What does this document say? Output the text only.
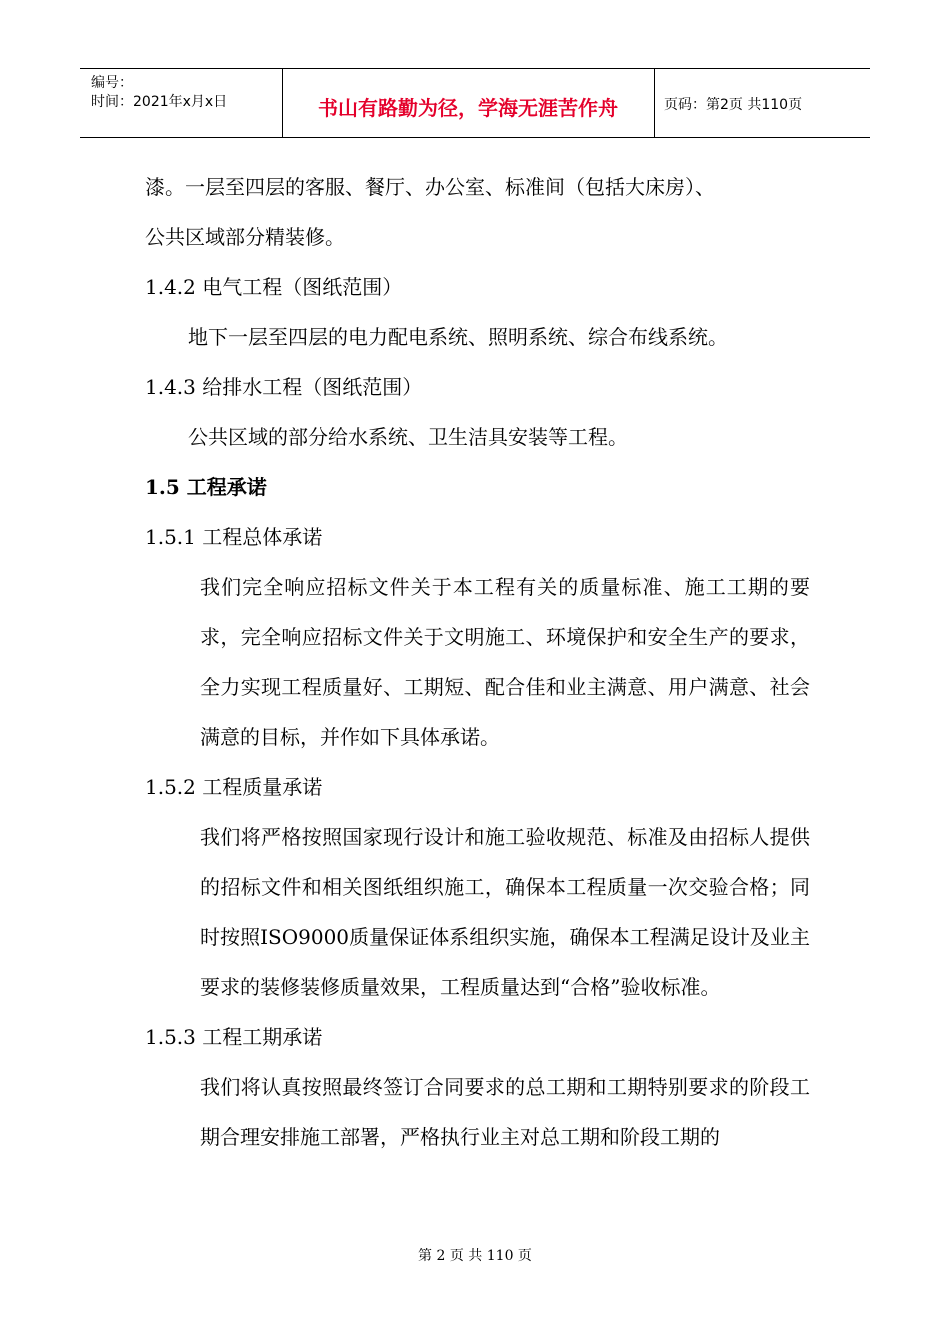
编号：
时间：2021年x月x日	书山有路勤为径，学海无涯苦作舟	页码：第2页 共110页

漆。一层至四层的客服、餐厅、办公室、标准间（包括大床房）、

公共区域部分精装修。

1.4.2 电气工程（图纸范围）

地下一层至四层的电力配电系统、照明系统、综合布线系统。

1.4.3 给排水工程（图纸范围）

公共区域的部分给水系统、卫生洁具安装等工程。

1.5 工程承诺

1.5.1 工程总体承诺

我们完全响应招标文件关于本工程有关的质量标准、施工工期的要求，完全响应招标文件关于文明施工、环境保护和安全生产的要求，全力实现工程质量好、工期短、配合佳和业主满意、用户满意、社会满意的目标，并作如下具体承诺。

1.5.2 工程质量承诺

我们将严格按照国家现行设计和施工验收规范、标准及由招标人提供的招标文件和相关图纸组织施工，确保本工程质量一次交验合格；同时按照ISO9000质量保证体系组织实施，确保本工程满足设计及业主要求的装修装修质量效果，工程质量达到“合格”验收标准。

1.5.3 工程工期承诺

我们将认真按照最终签订合同要求的总工期和工期特别要求的阶段工期合理安排施工部署，严格执行业主对总工期和阶段工期的

第 2 页 共 110 页
